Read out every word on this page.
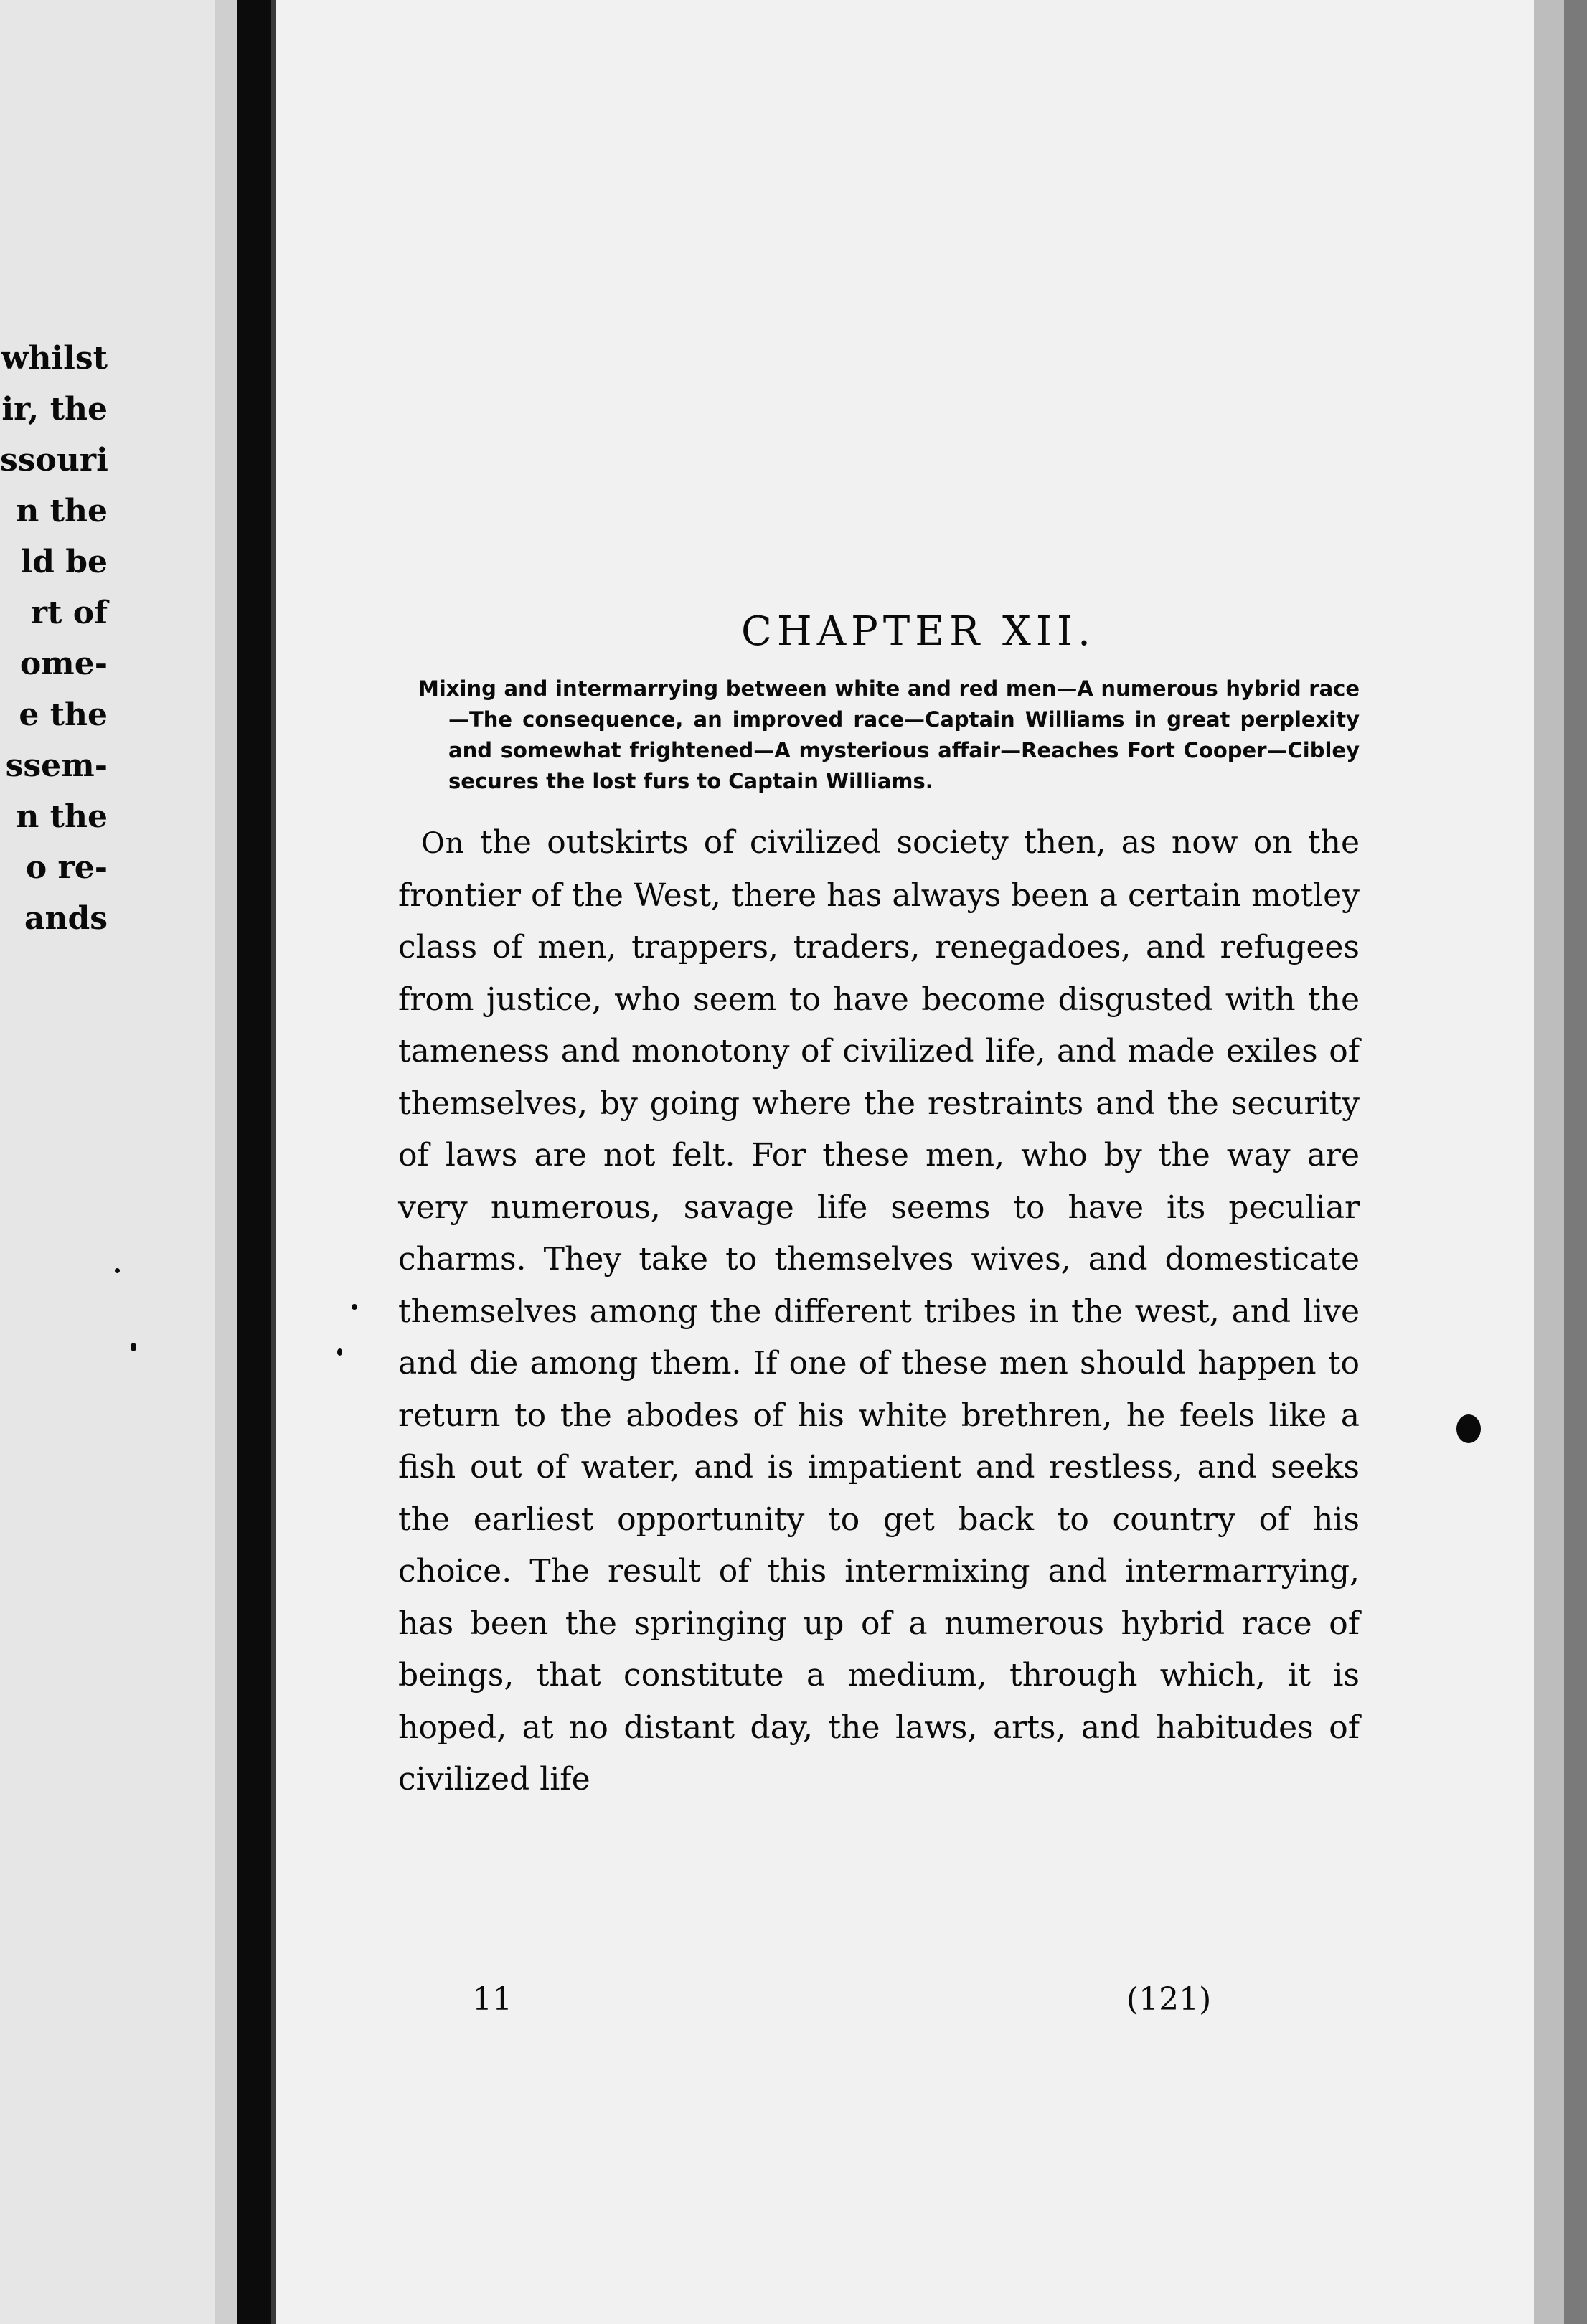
whilst
ir, the
ssouri
n the
ld be
rt of
ome-
e the
ssem-
n the
o re-
ands
CHAPTER XII.

Mixing and intermarrying between white and red men—A numerous hybrid race—The consequence, an improved race—Captain Williams in great perplexity and somewhat frightened—A mysterious affair—Reaches Fort Cooper—Cibley secures the lost furs to Captain Williams.

On the outskirts of civilized society then, as now on the frontier of the West, there has always been a certain motley class of men, trappers, traders, renegadoes, and refugees from justice, who seem to have become disgusted with the tameness and monotony of civilized life, and made exiles of themselves, by going where the restraints and the security of laws are not felt. For these men, who by the way are very numerous, savage life seems to have its peculiar charms. They take to themselves wives, and domesticate themselves among the different tribes in the west, and live and die among them. If one of these men should happen to return to the abodes of his white brethren, he feels like a fish out of water, and is impatient and restless, and seeks the earliest opportunity to get back to country of his choice. The result of this intermixing and intermarrying, has been the springing up of a numerous hybrid race of beings, that constitute a medium, through which, it is hoped, at no distant day, the laws, arts, and habitudes of civilized life

11	(121)
